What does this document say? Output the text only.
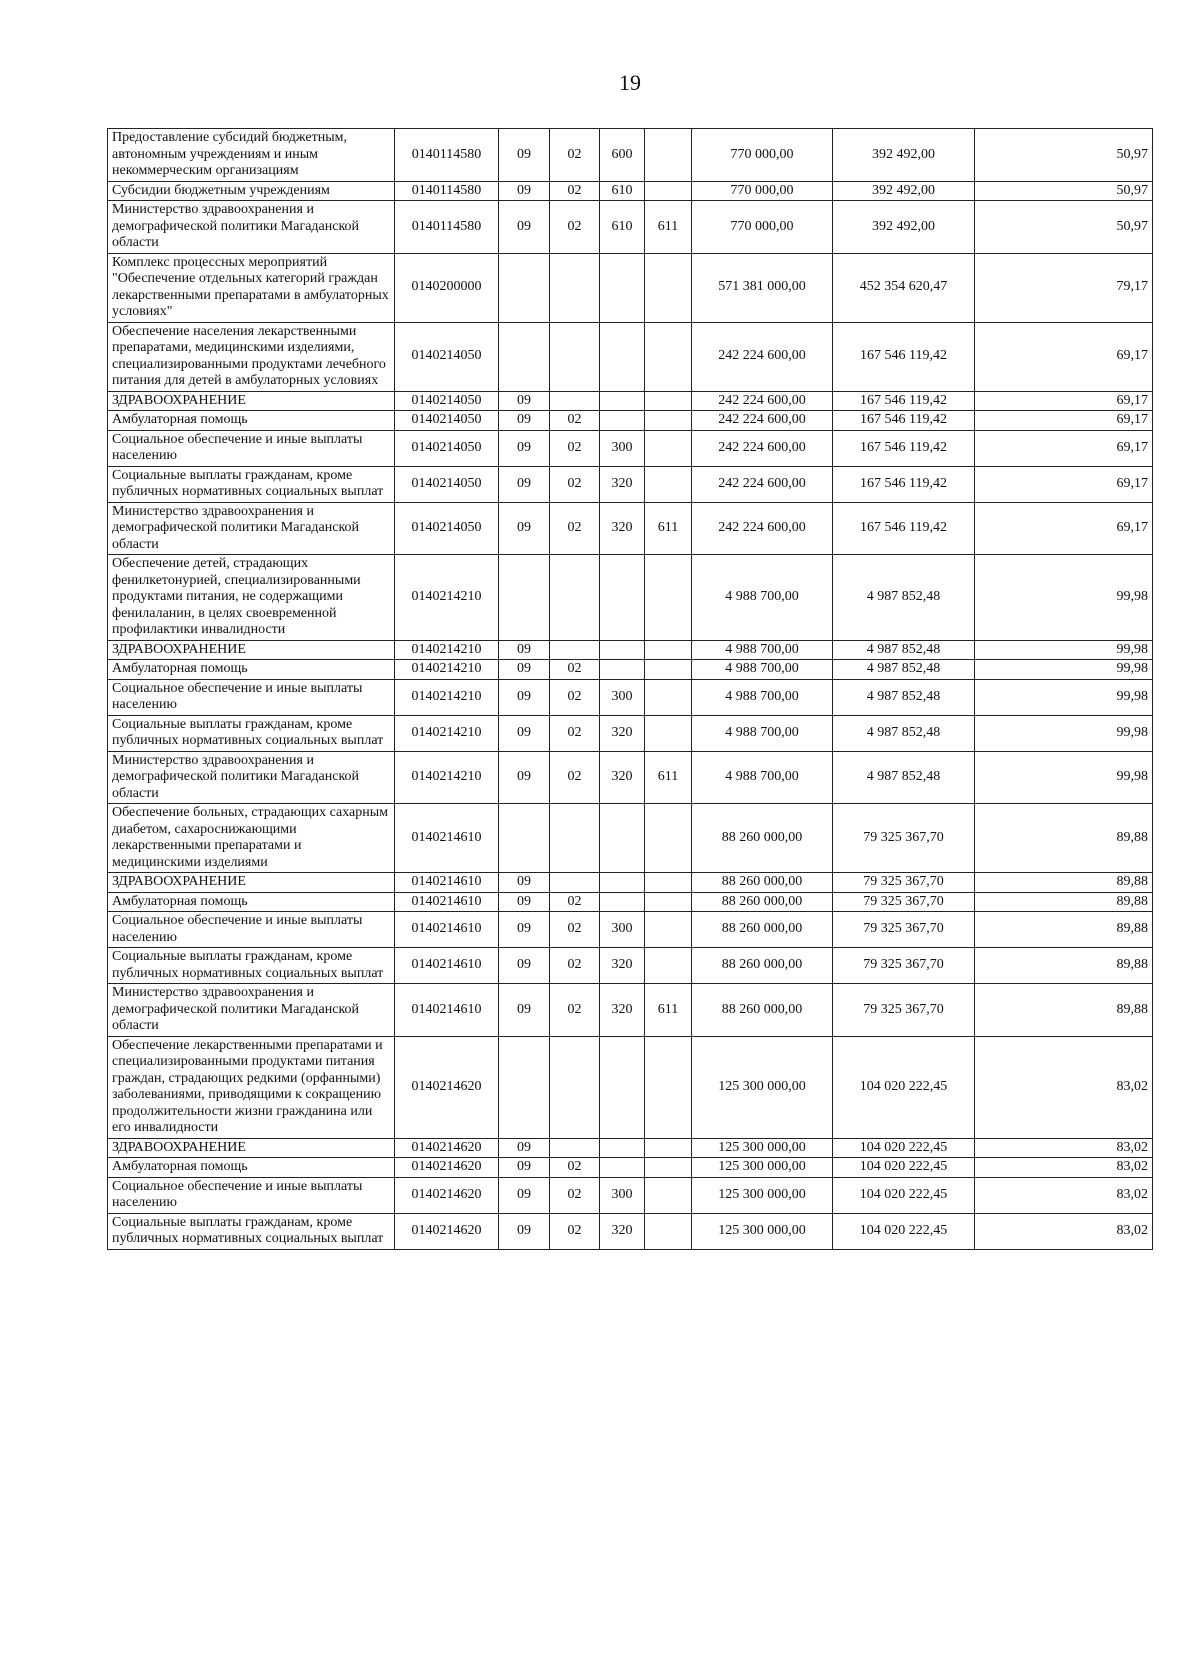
19
Предоставление субсидий бюджетным, автономным учреждениям и иным некоммерческим организациям	0140114580	09	02	600		770 000,00	392 492,00	50,97
Субсидии бюджетным учреждениям	0140114580	09	02	610		770 000,00	392 492,00	50,97
Министерство здравоохранения и демографической политики Магаданской области	0140114580	09	02	610	611	770 000,00	392 492,00	50,97
Комплекс процессных мероприятий "Обеспечение отдельных категорий граждан лекарственными препаратами в амбулаторных условиях"	0140200000					571 381 000,00	452 354 620,47	79,17
Обеспечение населения лекарственными препаратами, медицинскими изделиями, специализированными продуктами лечебного питания для детей в амбулаторных условиях	0140214050					242 224 600,00	167 546 119,42	69,17
ЗДРАВООХРАНЕНИЕ	0140214050	09				242 224 600,00	167 546 119,42	69,17
Амбулаторная помощь	0140214050	09	02			242 224 600,00	167 546 119,42	69,17
Социальное обеспечение и иные выплаты населению	0140214050	09	02	300		242 224 600,00	167 546 119,42	69,17
Социальные выплаты гражданам, кроме публичных нормативных социальных выплат	0140214050	09	02	320		242 224 600,00	167 546 119,42	69,17
Министерство здравоохранения и демографической политики Магаданской области	0140214050	09	02	320	611	242 224 600,00	167 546 119,42	69,17
Обеспечение детей, страдающих фенилкетонурией, специализированными продуктами питания, не содержащими фенилаланин, в целях своевременной профилактики инвалидности	0140214210					4 988 700,00	4 987 852,48	99,98
ЗДРАВООХРАНЕНИЕ	0140214210	09				4 988 700,00	4 987 852,48	99,98
Амбулаторная помощь	0140214210	09	02			4 988 700,00	4 987 852,48	99,98
Социальное обеспечение и иные выплаты населению	0140214210	09	02	300		4 988 700,00	4 987 852,48	99,98
Социальные выплаты гражданам, кроме публичных нормативных социальных выплат	0140214210	09	02	320		4 988 700,00	4 987 852,48	99,98
Министерство здравоохранения и демографической политики Магаданской области	0140214210	09	02	320	611	4 988 700,00	4 987 852,48	99,98
Обеспечение больных, страдающих сахарным диабетом, сахароснижающими лекарственными препаратами и медицинскими изделиями	0140214610					88 260 000,00	79 325 367,70	89,88
ЗДРАВООХРАНЕНИЕ	0140214610	09				88 260 000,00	79 325 367,70	89,88
Амбулаторная помощь	0140214610	09	02			88 260 000,00	79 325 367,70	89,88
Социальное обеспечение и иные выплаты населению	0140214610	09	02	300		88 260 000,00	79 325 367,70	89,88
Социальные выплаты гражданам, кроме публичных нормативных социальных выплат	0140214610	09	02	320		88 260 000,00	79 325 367,70	89,88
Министерство здравоохранения и демографической политики Магаданской области	0140214610	09	02	320	611	88 260 000,00	79 325 367,70	89,88
Обеспечение лекарственными препаратами и специализированными продуктами питания граждан, страдающих редкими (орфанными) заболеваниями, приводящими к сокращению продолжительности жизни гражданина или его инвалидности	0140214620					125 300 000,00	104 020 222,45	83,02
ЗДРАВООХРАНЕНИЕ	0140214620	09				125 300 000,00	104 020 222,45	83,02
Амбулаторная помощь	0140214620	09	02			125 300 000,00	104 020 222,45	83,02
Социальное обеспечение и иные выплаты населению	0140214620	09	02	300		125 300 000,00	104 020 222,45	83,02
Социальные выплаты гражданам, кроме публичных нормативных социальных выплат	0140214620	09	02	320		125 300 000,00	104 020 222,45	83,02
